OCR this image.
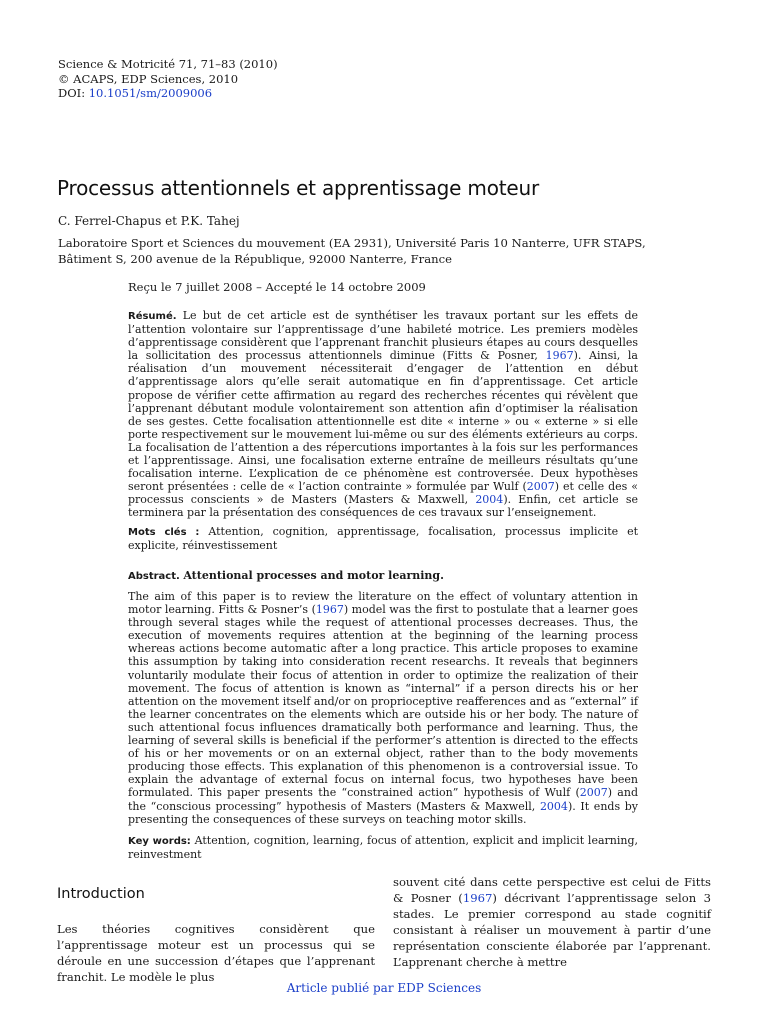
Science & Motricité 71, 71–83 (2010)
© ACAPS, EDP Sciences, 2010
DOI: 10.1051/sm/2009006
Processus attentionnels et apprentissage moteur
C. Ferrel-Chapus et P.K. Tahej
Laboratoire Sport et Sciences du mouvement (EA 2931), Université Paris 10 Nanterre, UFR STAPS, Bâtiment S, 200 avenue de la République, 92000 Nanterre, France
Reçu le 7 juillet 2008 – Accepté le 14 octobre 2009
Résumé. Le but de cet article est de synthétiser les travaux portant sur les effets de l’attention volontaire sur l’apprentissage d’une habileté motrice. Les premiers modèles d’apprentissage considèrent que l’apprenant franchit plusieurs étapes au cours desquelles la sollicitation des processus attentionnels diminue (Fitts & Posner, 1967). Ainsi, la réalisation d’un mouvement nécessiterait d’engager de l’attention en début d’apprentissage alors qu’elle serait automatique en fin d’apprentissage. Cet article propose de vérifier cette affirmation au regard des recherches récentes qui révèlent que l’apprenant débutant module volontairement son attention afin d’optimiser la réalisation de ses gestes. Cette focalisation attentionnelle est dite « interne » ou « externe » si elle porte respectivement sur le mouvement lui-même ou sur des éléments extérieurs au corps. La focalisation de l’attention a des répercutions importantes à la fois sur les performances et l’apprentissage. Ainsi, une focalisation externe entraîne de meilleurs résultats qu’une focalisation interne. L’explication de ce phénomène est controversée. Deux hypothèses seront présentées : celle de « l’action contrainte » formulée par Wulf (2007) et celle des « processus conscients » de Masters (Masters & Maxwell, 2004). Enfin, cet article se terminera par la présentation des conséquences de ces travaux sur l’enseignement.
Mots clés : Attention, cognition, apprentissage, focalisation, processus implicite et explicite, réinvestissement
Abstract. Attentional processes and motor learning.
The aim of this paper is to review the literature on the effect of voluntary attention in motor learning. Fitts & Posner’s (1967) model was the first to postulate that a learner goes through several stages while the request of attentional processes decreases. Thus, the execution of movements requires attention at the beginning of the learning process whereas actions become automatic after a long practice. This article proposes to examine this assumption by taking into consideration recent researchs. It reveals that beginners voluntarily modulate their focus of attention in order to optimize the realization of their movement. The focus of attention is known as “internal” if a person directs his or her attention on the movement itself and/or on proprioceptive reafferences and as “external” if the learner concentrates on the elements which are outside his or her body. The nature of such attentional focus influences dramatically both performance and learning. Thus, the learning of several skills is beneficial if the performer’s attention is directed to the effects of his or her movements or on an external object, rather than to the body movements producing those effects. This explanation of this phenomenon is a controversial issue. To explain the advantage of external focus on internal focus, two hypotheses have been formulated. This paper presents the “constrained action” hypothesis of Wulf (2007) and the “conscious processing” hypothesis of Masters (Masters & Maxwell, 2004). It ends by presenting the consequences of these surveys on teaching motor skills.
Key words: Attention, cognition, learning, focus of attention, explicit and implicit learning, reinvestment
Introduction
Les théories cognitives considèrent que l’apprentissage moteur est un processus qui se déroule en une succession d’étapes que l’apprenant franchit. Le modèle le plus
souvent cité dans cette perspective est celui de Fitts & Posner (1967) décrivant l’apprentissage selon 3 stades. Le premier correspond au stade cognitif consistant à réaliser un mouvement à partir d’une représentation consciente élaborée par l’apprenant. L’apprenant cherche à mettre
Article publié par EDP Sciences
